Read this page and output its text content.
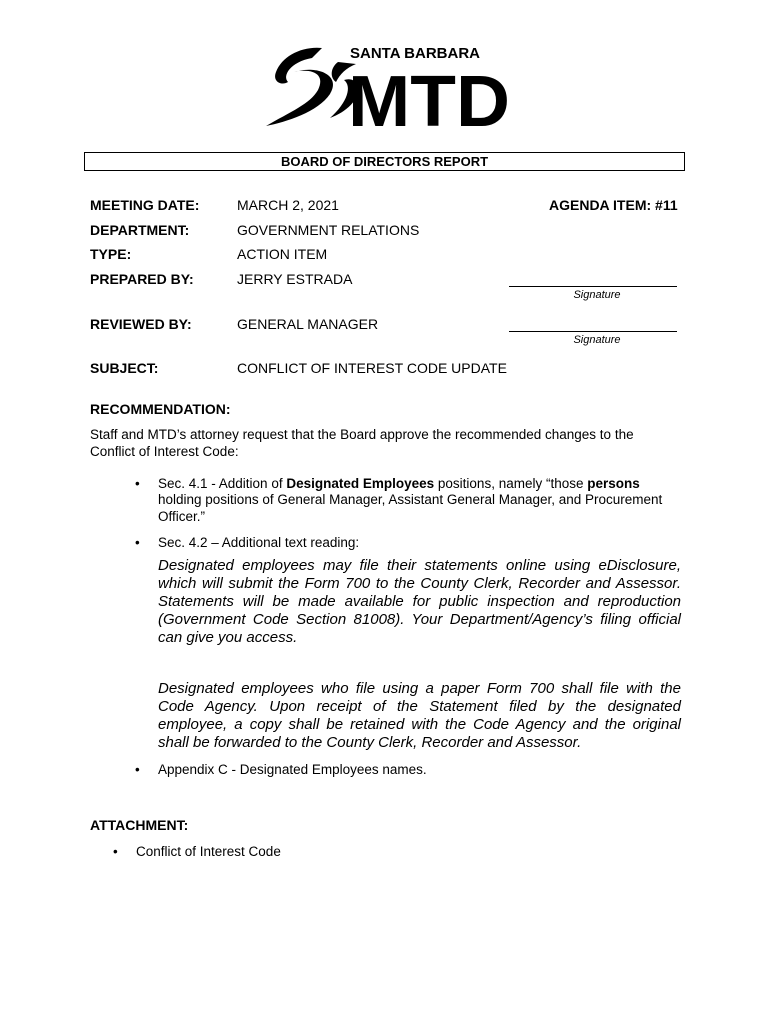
SANTA BARBARA
MTD
BOARD OF DIRECTORS REPORT
MEETING DATE:	MARCH 2, 2021	AGENDA ITEM: #11
DEPARTMENT:	GOVERNMENT RELATIONS
TYPE:	ACTION ITEM
PREPARED BY:	JERRY ESTRADA
Signature
REVIEWED BY:	GENERAL MANAGER
Signature
SUBJECT:	CONFLICT OF INTEREST CODE UPDATE
RECOMMENDATION:
Staff and MTD’s attorney request that the Board approve the recommended changes to the Conflict of Interest Code:
• Sec. 4.1 - Addition of Designated Employees positions, namely “those persons
holding positions of General Manager, Assistant General Manager, and Procurement Officer.”
• Sec. 4.2 – Additional text reading:
Designated employees may file their statements online using eDisclosure, which will submit the Form 700 to the County Clerk, Recorder and Assessor. Statements will be made available for public inspection and reproduction (Government Code Section 81008). Your Department/Agency’s filing official can give you access.
Designated employees who file using a paper Form 700 shall file with the Code Agency. Upon receipt of the Statement filed by the designated employee, a copy shall be retained with the Code Agency and the original shall be forwarded to the County Clerk, Recorder and Assessor.
• Appendix C - Designated Employees names.
ATTACHMENT:
• Conflict of Interest Code
